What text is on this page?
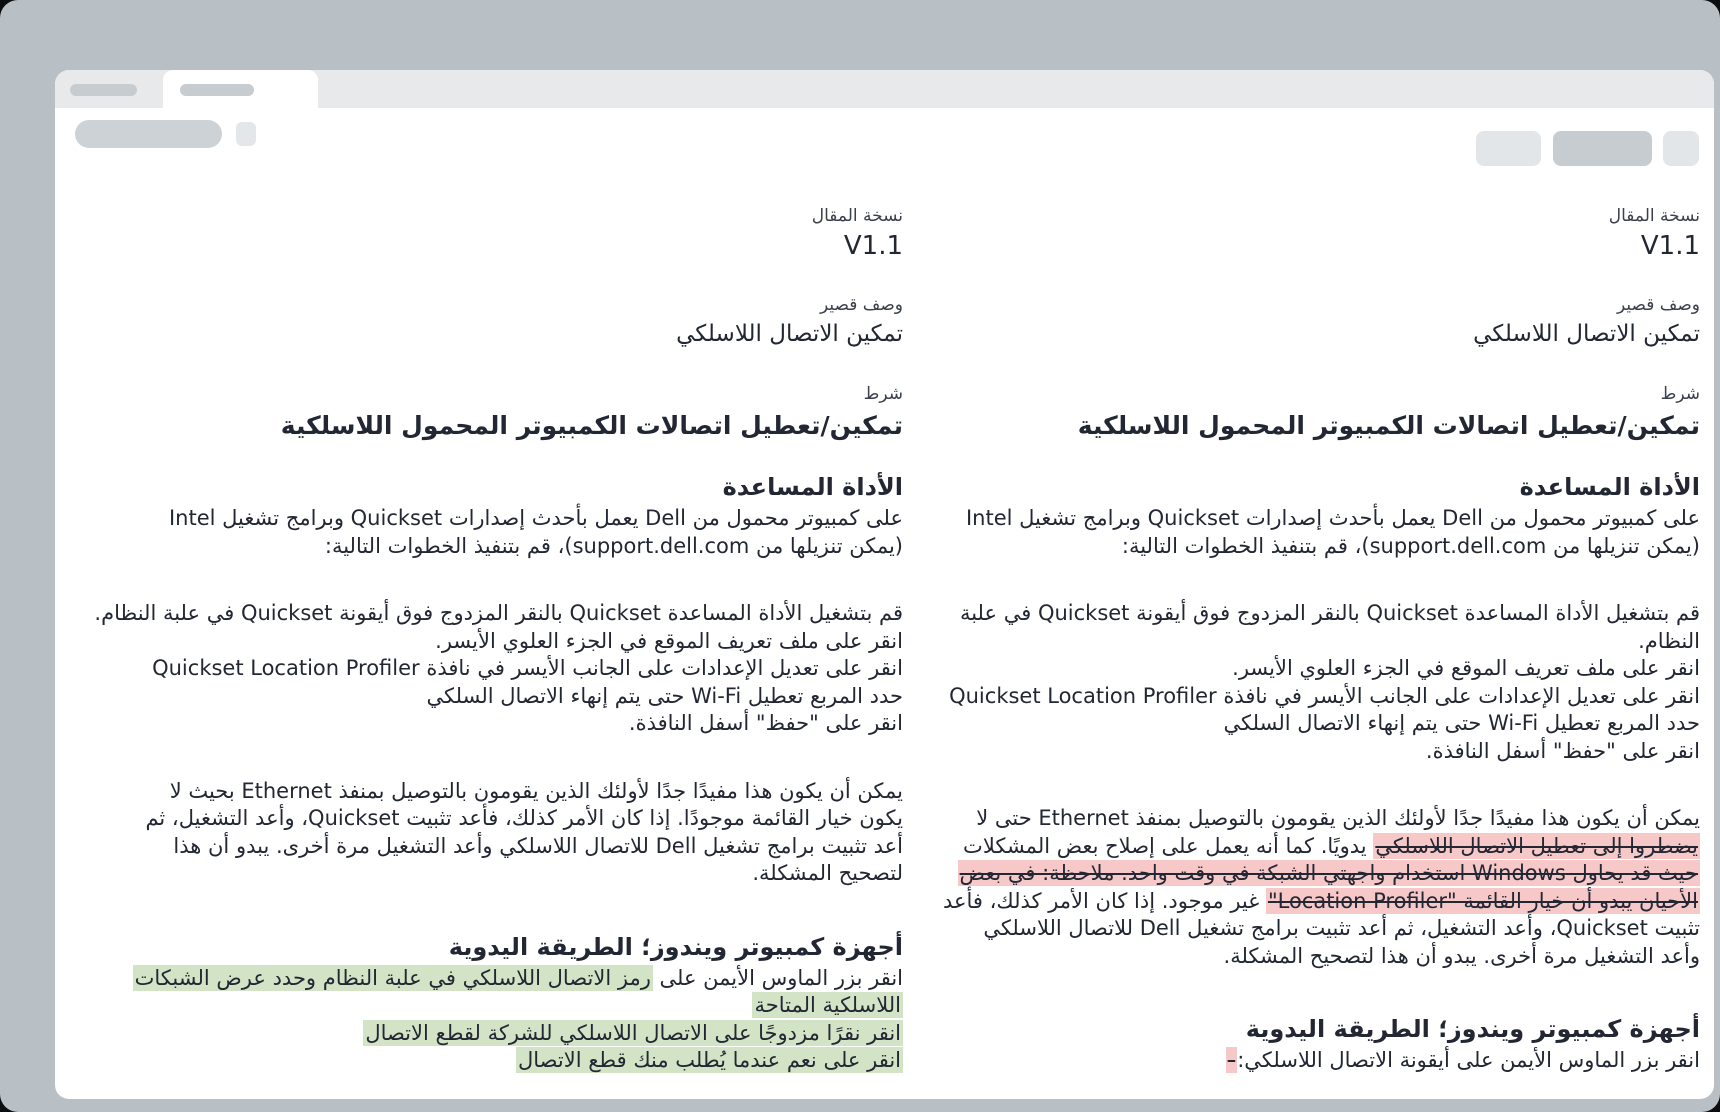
نسخة المقال
V1.1
وصف قصير
تمكين الاتصال اللاسلكي
شرط
تمكين/تعطيل اتصالات الكمبيوتر المحمول اللاسلكية
الأداة المساعدة
على كمبيوتر محمول من Dell يعمل بأحدث إصدارات Quickset وبرامج تشغيل Intel
(يمكن تنزيلها من support.dell.com)، قم بتنفيذ الخطوات التالية:
قم بتشغيل الأداة المساعدة Quickset بالنقر المزدوج فوق أيقونة Quickset في علبة
النظام.
انقر على ملف تعريف الموقع في الجزء العلوي الأيسر.
انقر على تعديل الإعدادات على الجانب الأيسر في نافذة Quickset Location Profiler
حدد المربع تعطيل Wi-Fi حتى يتم إنهاء الاتصال السلكي
انقر على "حفظ" أسفل النافذة.
يمكن أن يكون هذا مفيدًا جدًا لأولئك الذين يقومون بالتوصيل بمنفذ Ethernet حتى لا
يضطروا إلى تعطيل الاتصال اللاسلكي يدويًا. كما أنه يعمل على إصلاح بعض المشكلات
حيث قد يحاول Windows استخدام واجهتي الشبكة في وقت واحد. ملاحظة: في بعض
الأحيان يبدو أن خيار القائمة "Location Profiler" غير موجود. إذا كان الأمر كذلك، فأعد
تثبيت Quickset، وأعد التشغيل، ثم أعد تثبيت برامج تشغيل Dell للاتصال اللاسلكي
وأعد التشغيل مرة أخرى. يبدو أن هذا لتصحيح المشكلة.
أجهزة كمبيوتر ويندوز؛ الطريقة اليدوية
انقر بزر الماوس الأيمن على أيقونة الاتصال اللاسلكي:-
نسخة المقال
V1.1
وصف قصير
تمكين الاتصال اللاسلكي
شرط
تمكين/تعطيل اتصالات الكمبيوتر المحمول اللاسلكية
الأداة المساعدة
على كمبيوتر محمول من Dell يعمل بأحدث إصدارات Quickset وبرامج تشغيل Intel
(يمكن تنزيلها من support.dell.com)، قم بتنفيذ الخطوات التالية:
قم بتشغيل الأداة المساعدة Quickset بالنقر المزدوج فوق أيقونة Quickset في علبة النظام.
انقر على ملف تعريف الموقع في الجزء العلوي الأيسر.
انقر على تعديل الإعدادات على الجانب الأيسر في نافذة Quickset Location Profiler
حدد المربع تعطيل Wi-Fi حتى يتم إنهاء الاتصال السلكي
انقر على "حفظ" أسفل النافذة.
يمكن أن يكون هذا مفيدًا جدًا لأولئك الذين يقومون بالتوصيل بمنفذ Ethernet بحيث لا
يكون خيار القائمة موجودًا. إذا كان الأمر كذلك، فأعد تثبيت Quickset، وأعد التشغيل، ثم
أعد تثبيت برامج تشغيل Dell للاتصال اللاسلكي وأعد التشغيل مرة أخرى. يبدو أن هذا
لتصحيح المشكلة.
أجهزة كمبيوتر ويندوز؛ الطريقة اليدوية
انقر بزر الماوس الأيمن على رمز الاتصال اللاسلكي في علبة النظام وحدد عرض الشبكات
اللاسلكية المتاحة
انقر نقرًا مزدوجًا على الاتصال اللاسلكي للشركة لقطع الاتصال
انقر على نعم عندما يُطلب منك قطع الاتصال
